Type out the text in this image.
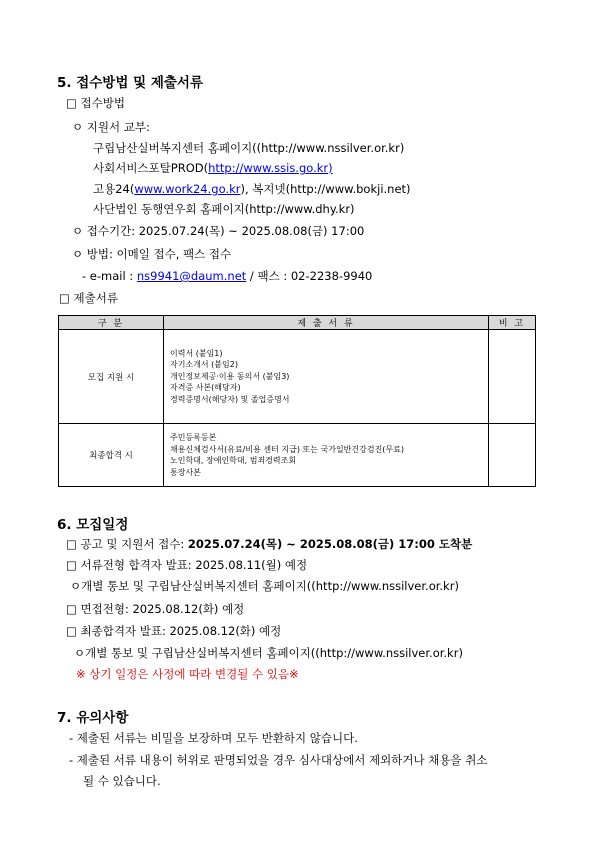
5. 접수방법 및 제출서류
□ 접수방법
ㅇ 지원서 교부:
구립남산실버복지센터 홈페이지((http://www.nssilver.or.kr)
사회서비스포탈PROD(http://www.ssis.go.kr)
고용24(www.work24.go.kr), 복지넷(http://www.bokji.net)
사단법인 동행연우회 홈페이지(http://www.dhy.kr)
ㅇ 접수기간: 2025.07.24(목) ~ 2025.08.08(금) 17:00
ㅇ 방법: 이메일 접수, 팩스 접수
- e-mail : ns9941@daum.net / 팩스 : 02-2238-9940
□ 제출서류
구 분	제 출 서 류	비 고
모집 지원 시	이력서 (붙임1)
자기소개서 (붙임2)
개인정보제공·이용 동의서 (붙임3)
자격증 사본(해당자)
경력증명서(해당자) 및 졸업증명서	

최종합격 시	주민등록등본
채용신체검사서(유료/비용 센터 지급) 또는 국가일반건강검진(무료)
노인학대, 장애인학대, 범죄경력조회
통장사본	

6. 모집일정
□ 공고 및 지원서 접수: 2025.07.24(목) ~ 2025.08.08(금) 17:00 도착분
□ 서류전형 합격자 발표: 2025.08.11(월) 예정
ㅇ개별 통보 및 구립남산실버복지센터 홈페이지((http://www.nssilver.or.kr)
□ 면접전형: 2025.08.12(화) 예정
□ 최종합격자 발표: 2025.08.12(화) 예정
ㅇ개별 통보 및 구립남산실버복지센터 홈페이지((http://www.nssilver.or.kr)
※ 상기 일정은 사정에 따라 변경될 수 있음※
7. 유의사항
- 제출된 서류는 비밀을 보장하며 모두 반환하지 않습니다.
- 제출된 서류 내용이 허위로 판명되었을 경우 심사대상에서 제외하거나 채용을 취소
될 수 있습니다.
